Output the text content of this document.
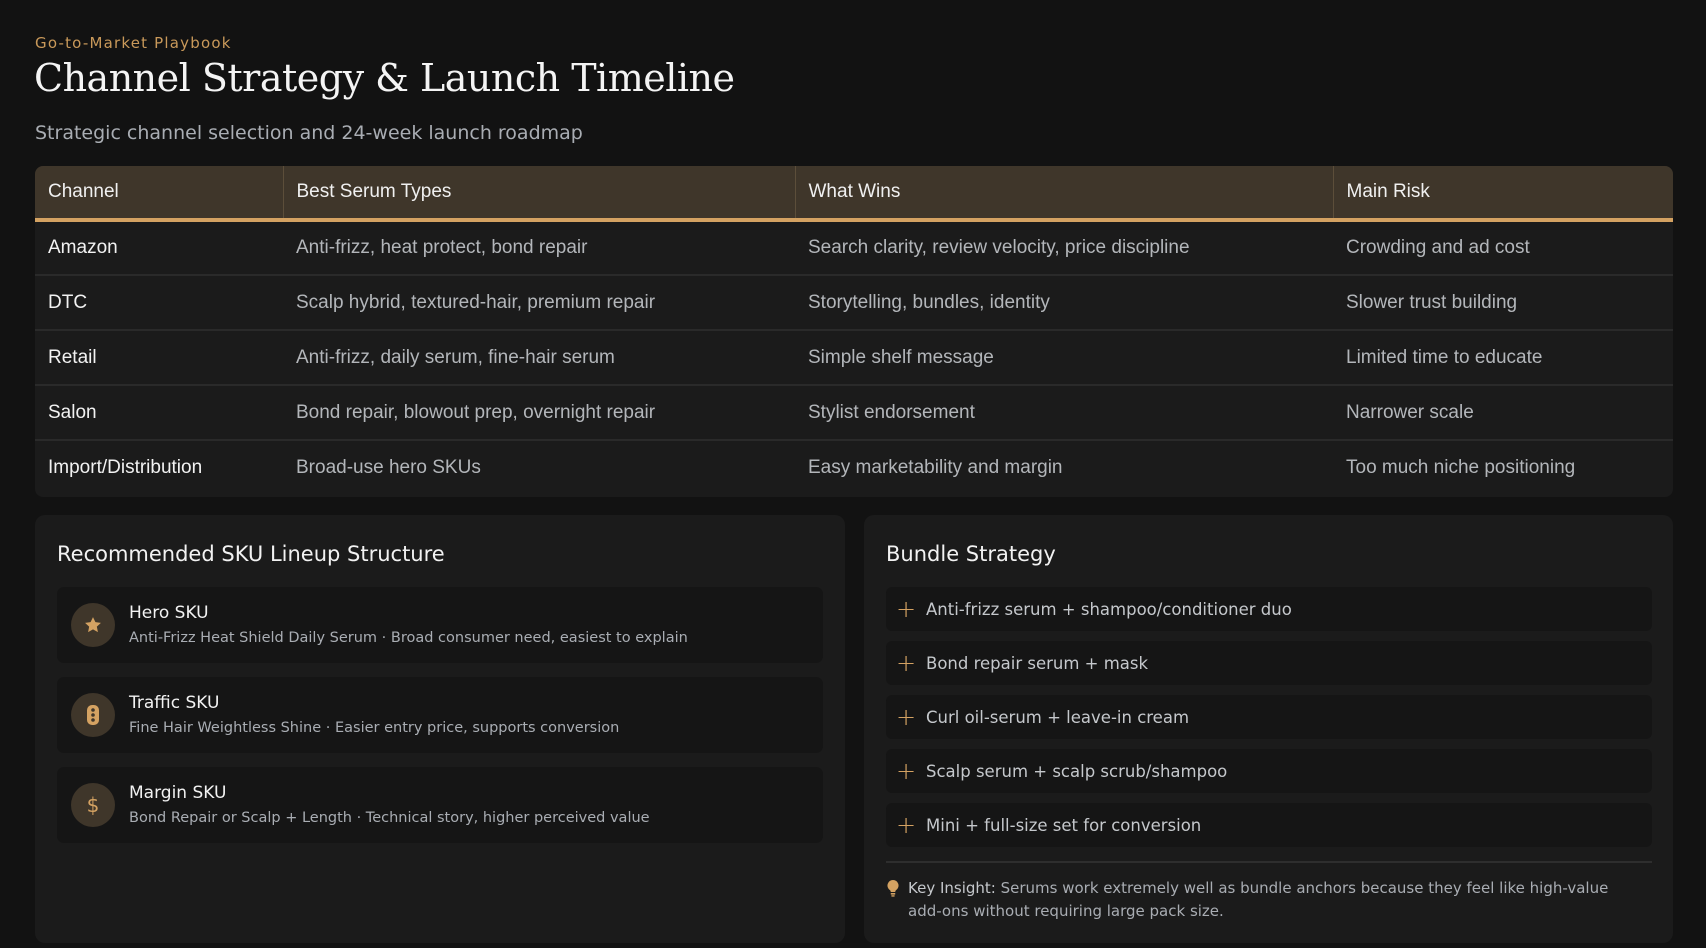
Go-to-Market Playbook
Channel Strategy & Launch Timeline
Strategic channel selection and 24-week launch roadmap
Channel	Best Serum Types	What Wins	Main Risk
Amazon	Anti-frizz, heat protect, bond repair	Search clarity, review velocity, price discipline	Crowding and ad cost
DTC	Scalp hybrid, textured-hair, premium repair	Storytelling, bundles, identity	Slower trust building
Retail	Anti-frizz, daily serum, fine-hair serum	Simple shelf message	Limited time to educate
Salon	Bond repair, blowout prep, overnight repair	Stylist endorsement	Narrower scale
Import/Distribution	Broad-use hero SKUs	Easy marketability and margin	Too much niche positioning
Recommended SKU Lineup Structure
Hero SKU
Anti-Frizz Heat Shield Daily Serum · Broad consumer need, easiest to explain
Traffic SKU
Fine Hair Weightless Shine · Easier entry price, supports conversion
$ Margin SKU
Bond Repair or Scalp + Length · Technical story, higher perceived value
Bundle Strategy
+ Anti-frizz serum + shampoo/conditioner duo
+ Bond repair serum + mask
+ Curl oil-serum + leave-in cream
+ Scalp serum + scalp scrub/shampoo
+ Mini + full-size set for conversion
Key Insight: Serums work extremely well as bundle anchors because they feel like high-value add-ons without requiring large pack size.
